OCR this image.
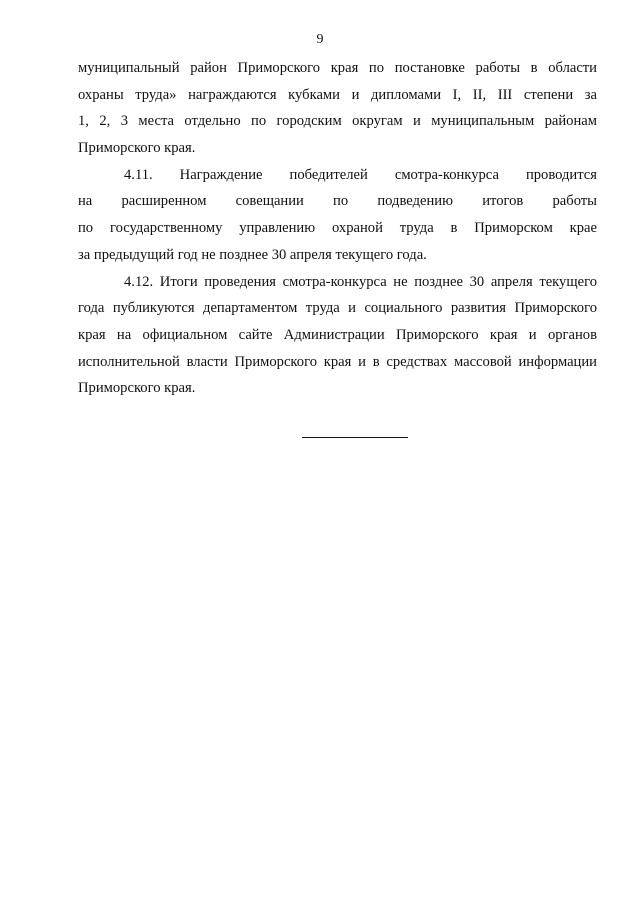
9
муниципальный район Приморского края по постановке работы в области
охраны труда» награждаются кубками и дипломами I, II, III степени за
1, 2, 3 места отдельно по городским округам и муниципальным районам
Приморского края.
4.11. Награждение победителей смотра-конкурса проводится
на расширенном совещании по подведению итогов работы
по государственному управлению охраной труда в Приморском крае
за предыдущий год не позднее 30 апреля текущего года.
4.12. Итоги проведения смотра-конкурса не позднее 30 апреля текущего
года публикуются департаментом труда и социального развития Приморского
края на официальном сайте Администрации Приморского края и органов
исполнительной власти Приморского края и в средствах массовой информации
Приморского края.
